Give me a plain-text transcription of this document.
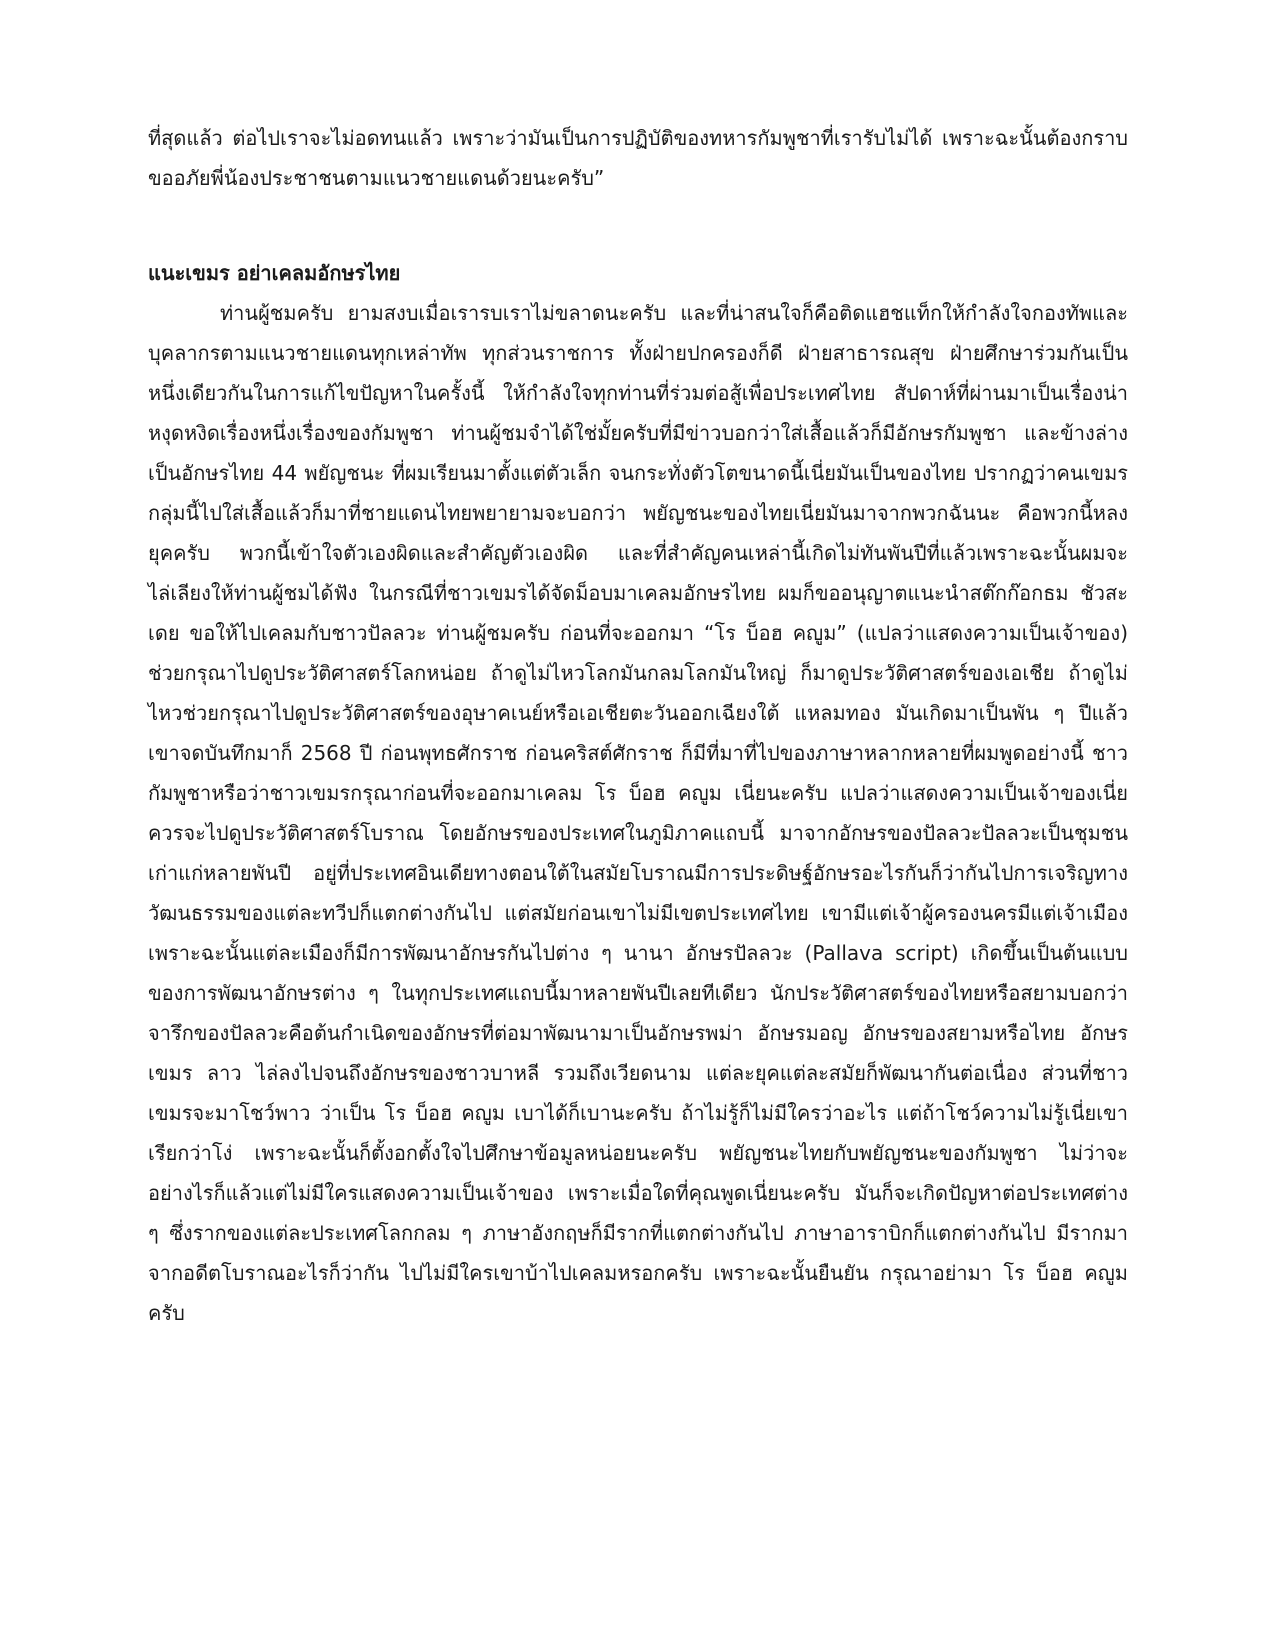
ที่สุดแล้ว ต่อไปเราจะไม่อดทนแล้ว เพราะว่ามันเป็นการปฏิบัติของทหารกัมพูชาที่เรารับไม่ได้ เพราะฉะนั้นต้องกราบขออภัยพี่น้องประชาชนตามแนวชายแดนด้วยนะครับ”

แนะเขมร อย่าเคลมอักษรไทย

ท่านผู้ชมครับ ยามสงบเมื่อเรารบเราไม่ขลาดนะครับ และที่น่าสนใจก็คือติดแฮชแท็กให้กำลังใจกองทัพและบุคลากรตามแนวชายแดนทุกเหล่าทัพ ทุกส่วนราชการ ทั้งฝ่ายปกครองก็ดี ฝ่ายสาธารณสุข ฝ่ายศึกษาร่วมกันเป็นหนึ่งเดียวกันในการแก้ไขปัญหาในครั้งนี้ ให้กำลังใจทุกท่านที่ร่วมต่อสู้เพื่อประเทศไทย สัปดาห์ที่ผ่านมาเป็นเรื่องน่าหงุดหงิดเรื่องหนึ่งเรื่องของกัมพูชา ท่านผู้ชมจำได้ใช่มั้ยครับที่มีข่าวบอกว่าใส่เสื้อแล้วก็มีอักษรกัมพูชา และข้างล่างเป็นอักษรไทย 44 พยัญชนะ ที่ผมเรียนมาตั้งแต่ตัวเล็ก จนกระทั่งตัวโตขนาดนี้เนี่ยมันเป็นของไทย ปรากฏว่าคนเขมรกลุ่มนี้ไปใส่เสื้อแล้วก็มาที่ชายแดนไทยพยายามจะบอกว่า พยัญชนะของไทยเนี่ยมันมาจากพวกฉันนะ คือพวกนี้หลงยุคครับ พวกนี้เข้าใจตัวเองผิดและสำคัญตัวเองผิด และที่สำคัญคนเหล่านี้เกิดไม่ทันพันปีที่แล้วเพราะฉะนั้นผมจะไล่เลียงให้ท่านผู้ชมได้ฟัง ในกรณีที่ชาวเขมรได้จัดม็อบมาเคลมอักษรไทย ผมก็ขออนุญาตแนะนำสต๊กก๊อกธม ชัวสะเดย ขอให้ไปเคลมกับชาวปัลลวะ ท่านผู้ชมครับ ก่อนที่จะออกมา “โร บ็อฮ คญูม” (แปลว่าแสดงความเป็นเจ้าของ) ช่วยกรุณาไปดูประวัติศาสตร์โลกหน่อย ถ้าดูไม่ไหวโลกมันกลมโลกมันใหญ่ ก็มาดูประวัติศาสตร์ของเอเชีย ถ้าดูไม่ไหวช่วยกรุณาไปดูประวัติศาสตร์ของอุษาคเนย์หรือเอเชียตะวันออกเฉียงใต้ แหลมทอง มันเกิดมาเป็นพัน ๆ ปีแล้ว เขาจดบันทึกมาก็ 2568 ปี ก่อนพุทธศักราช ก่อนคริสต์ศักราช ก็มีที่มาที่ไปของภาษาหลากหลายที่ผมพูดอย่างนี้ ชาวกัมพูชาหรือว่าชาวเขมรกรุณาก่อนที่จะออกมาเคลม โร บ็อฮ คญูม เนี่ยนะครับ แปลว่าแสดงความเป็นเจ้าของเนี่ย ควรจะไปดูประวัติศาสตร์โบราณ โดยอักษรของประเทศในภูมิภาคแถบนี้ มาจากอักษรของปัลลวะปัลลวะเป็นชุมชนเก่าแก่หลายพันปี อยู่ที่ประเทศอินเดียทางตอนใต้ในสมัยโบราณมีการประดิษฐ์อักษรอะไรกันก็ว่ากันไปการเจริญทางวัฒนธรรมของแต่ละทวีปก็แตกต่างกันไป แต่สมัยก่อนเขาไม่มีเขตประเทศไทย เขามีแต่เจ้าผู้ครองนครมีแต่เจ้าเมือง เพราะฉะนั้นแต่ละเมืองก็มีการพัฒนาอักษรกันไปต่าง ๆ นานา อักษรปัลลวะ (Pallava script) เกิดขึ้นเป็นต้นแบบของการพัฒนาอักษรต่าง ๆ ในทุกประเทศแถบนี้มาหลายพันปีเลยทีเดียว นักประวัติศาสตร์ของไทยหรือสยามบอกว่า จารึกของปัลลวะคือต้นกำเนิดของอักษรที่ต่อมาพัฒนามาเป็นอักษรพม่า อักษรมอญ อักษรของสยามหรือไทย อักษรเขมร ลาว ไล่ลงไปจนถึงอักษรของชาวบาหลี รวมถึงเวียดนาม แต่ละยุคแต่ละสมัยก็พัฒนากันต่อเนื่อง ส่วนที่ชาวเขมรจะมาโชว์พาว ว่าเป็น โร บ็อฮ คญูม เบาได้ก็เบานะครับ ถ้าไม่รู้ก็ไม่มีใครว่าอะไร แต่ถ้าโชว์ความไม่รู้เนี่ยเขาเรียกว่าโง่ เพราะฉะนั้นก็ตั้งอกตั้งใจไปศึกษาข้อมูลหน่อยนะครับ พยัญชนะไทยกับพยัญชนะของกัมพูชา ไม่ว่าจะอย่างไรก็แล้วแต่ไม่มีใครแสดงความเป็นเจ้าของ เพราะเมื่อใดที่คุณพูดเนี่ยนะครับ มันก็จะเกิดปัญหาต่อประเทศต่าง ๆ ซึ่งรากของแต่ละประเทศโลกกลม ๆ ภาษาอังกฤษก็มีรากที่แตกต่างกันไป ภาษาอาราบิกก็แตกต่างกันไป มีรากมาจากอดีตโบราณอะไรก็ว่ากัน ไปไม่มีใครเขาบ้าไปเคลมหรอกครับ เพราะฉะนั้นยืนยัน กรุณาอย่ามา โร บ็อฮ คญูม ครับ
